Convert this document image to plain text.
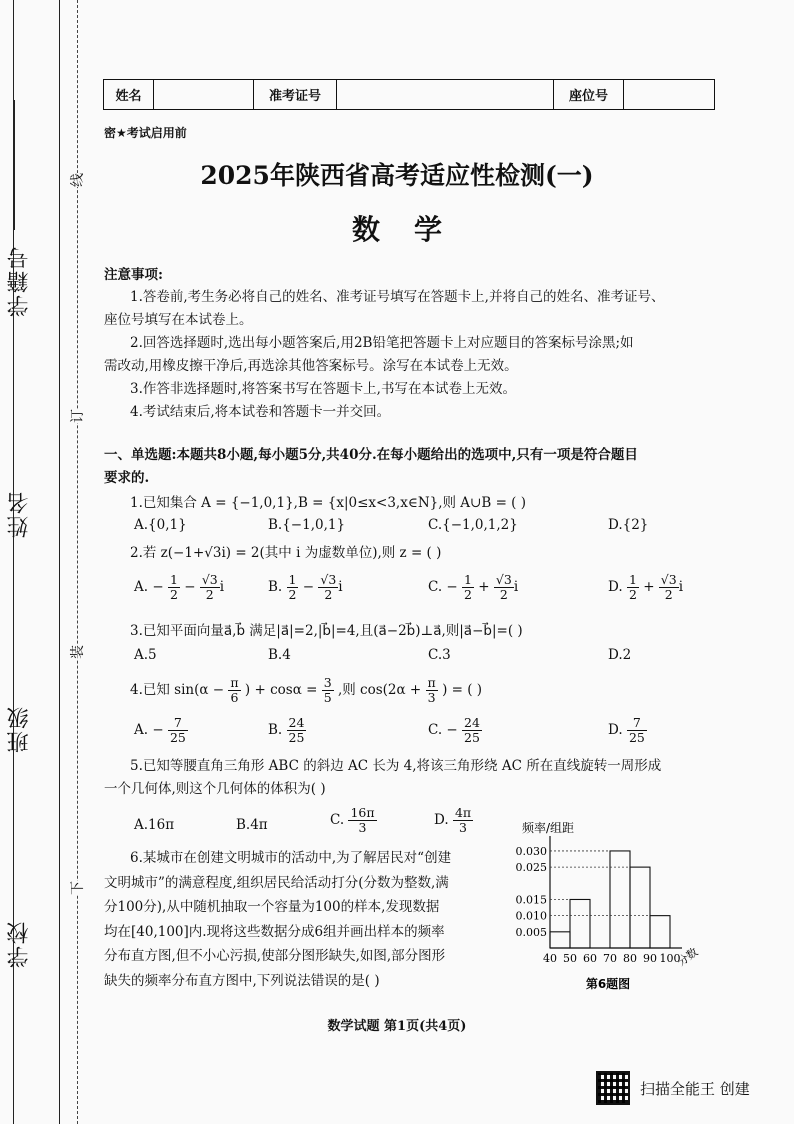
学籍号
姓名
班级
学校
线
订
装
下
姓名	准考证号	座位号
密★考试启用前
2025年陕西省高考适应性检测(一)
数学
注意事项:
1.答卷前,考生务必将自己的姓名、准考证号填写在答题卡上,并将自己的姓名、准考证号、
座位号填写在本试卷上。
2.回答选择题时,选出每小题答案后,用2B铅笔把答题卡上对应题目的答案标号涂黑;如
需改动,用橡皮擦干净后,再选涂其他答案标号。涂写在本试卷上无效。
3.作答非选择题时,将答案书写在答题卡上,书写在本试卷上无效。
4.考试结束后,将本试卷和答题卡一并交回。
一、单选题:本题共8小题,每小题5分,共40分.在每小题给出的选项中,只有一项是符合题目
要求的.
1.已知集合 A = {−1,0,1},B = {x|0≤x<3,x∈N},则 A∪B = ( )
A.{0,1}	B.{−1,0,1}	C.{−1,0,1,2}	D.{2}
2.若 z(−1+√3i) = 2(其中 i 为虚数单位),则 z = ( )
A. − $\frac{1}{2} - \frac{√3}{2}$ i	B. $\frac{1}{2} - \frac{√3}{2}$ i	C. − $\frac{1}{2} + \frac{√3}{2}$ i	D. $\frac{1}{2} + \frac{√3}{2}$ i
3.已知平面向量a⃗,b⃗ 满足|a⃗|=2,|b⃗|=4,且(a⃗−2b⃗)⊥a⃗,则|a⃗−b⃗|=( )
A.5	B.4	C.3	D.2
4.已知 $\sin(\alpha - \frac{\pi}{6}$ ) + $\cos\alpha = \frac{3}{5}$ ,则 $\cos(2\alpha + \frac{\pi}{3}$ ) = ( )
A. − $\frac{7}{25}$	B. $\frac{24}{25}$	C. − $\frac{24}{25}$	D. $\frac{7}{25}$
5.已知等腰直角三角形 ABC 的斜边 AC 长为 4,将该三角形绕 AC 所在直线旋转一周形成
一个几何体,则这个几何体的体积为( )
A.16π	B.4π	C. $\frac{16\pi}{3}$	D. $\frac{4\pi}{3}$
6.某城市在创建文明城市的活动中,为了解居民对“创建
文明城市”的满意程度,组织居民给活动打分(分数为整数,满
分100分),从中随机抽取一个容量为100的样本,发现数据
均在[40,100]内.现将这些数据分成6组并画出样本的频率
分布直方图,但不小心污损,使部分图形缺失,如图,部分图形
缺失的频率分布直方图中,下列说法错误的是( )
频率/组距
0.030
0.025
0.015
0.010
0.005
40 50 60 70 80 90 100
分数
第6题图
数学试题 第1页(共4页)
扫描全能王 创建
